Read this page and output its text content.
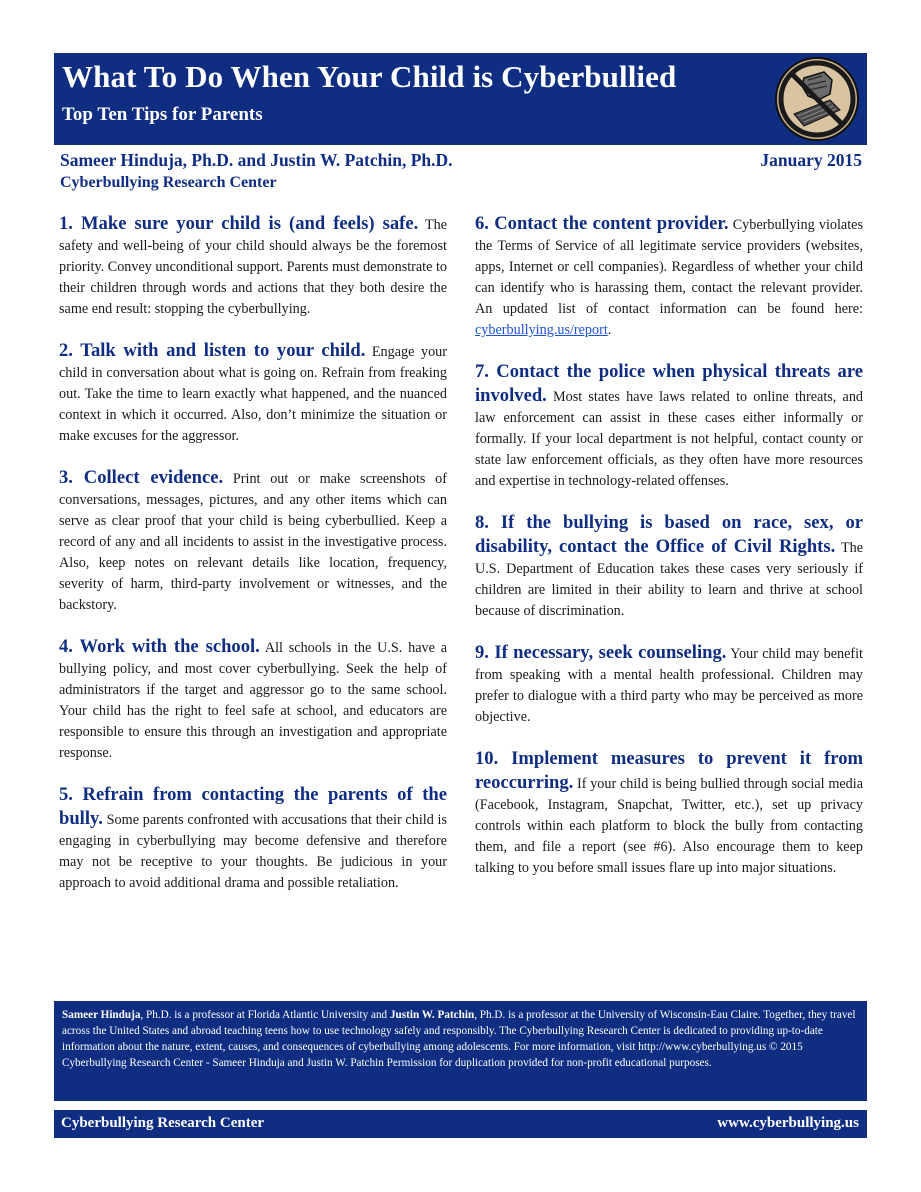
What To Do When Your Child is Cyberbullied
Top Ten Tips for Parents
Sameer Hinduja, Ph.D. and Justin W. Patchin, Ph.D.	January 2015
Cyberbullying Research Center

1. Make sure your child is (and feels) safe. The safety and well-being of your child should always be the foremost priority. Convey unconditional support. Parents must demonstrate to their children through words and actions that they both desire the same end result: stopping the cyberbullying.

2. Talk with and listen to your child. Engage your child in conversation about what is going on. Refrain from freaking out. Take the time to learn exactly what happened, and the nuanced context in which it occurred. Also, don’t minimize the situation or make excuses for the aggressor.

3. Collect evidence. Print out or make screenshots of conversations, messages, pictures, and any other items which can serve as clear proof that your child is being cyberbullied. Keep a record of any and all incidents to assist in the investigative process. Also, keep notes on relevant details like location, frequency, severity of harm, third-party involvement or witnesses, and the backstory.

4. Work with the school. All schools in the U.S. have a bullying policy, and most cover cyberbullying. Seek the help of administrators if the target and aggressor go to the same school. Your child has the right to feel safe at school, and educators are responsible to ensure this through an investigation and appropriate response.

5. Refrain from contacting the parents of the bully. Some parents confronted with accusations that their child is engaging in cyberbullying may become defensive and therefore may not be receptive to your thoughts. Be judicious in your approach to avoid additional drama and possible retaliation.

6. Contact the content provider. Cyberbullying violates the Terms of Service of all legitimate service providers (websites, apps, Internet or cell companies). Regardless of whether your child can identify who is harassing them, contact the relevant provider. An updated list of contact information can be found here: cyberbullying.us/report.

7. Contact the police when physical threats are involved. Most states have laws related to online threats, and law enforcement can assist in these cases either informally or formally. If your local department is not helpful, contact county or state law enforcement officials, as they often have more resources and expertise in technology-related offenses.

8. If the bullying is based on race, sex, or disability, contact the Office of Civil Rights. The U.S. Department of Education takes these cases very seriously if children are limited in their ability to learn and thrive at school because of discrimination.

9. If necessary, seek counseling. Your child may benefit from speaking with a mental health professional. Children may prefer to dialogue with a third party who may be perceived as more objective.

10. Implement measures to prevent it from reoccurring. If your child is being bullied through social media (Facebook, Instagram, Snapchat, Twitter, etc.), set up privacy controls within each platform to block the bully from contacting them, and file a report (see #6). Also encourage them to keep talking to you before small issues flare up into major situations.

Sameer Hinduja, Ph.D. is a professor at Florida Atlantic University and Justin W. Patchin, Ph.D. is a professor at the University of Wisconsin-Eau Claire. Together, they travel across the United States and abroad teaching teens how to use technology safely and responsibly. The Cyberbullying Research Center is dedicated to providing up-to-date information about the nature, extent, causes, and consequences of cyberbullying among adolescents. For more information, visit http://www.cyberbullying.us © 2015 Cyberbullying Research Center - Sameer Hinduja and Justin W. Patchin Permission for duplication provided for non-profit educational purposes.
Cyberbullying Research Center	www.cyberbullying.us
